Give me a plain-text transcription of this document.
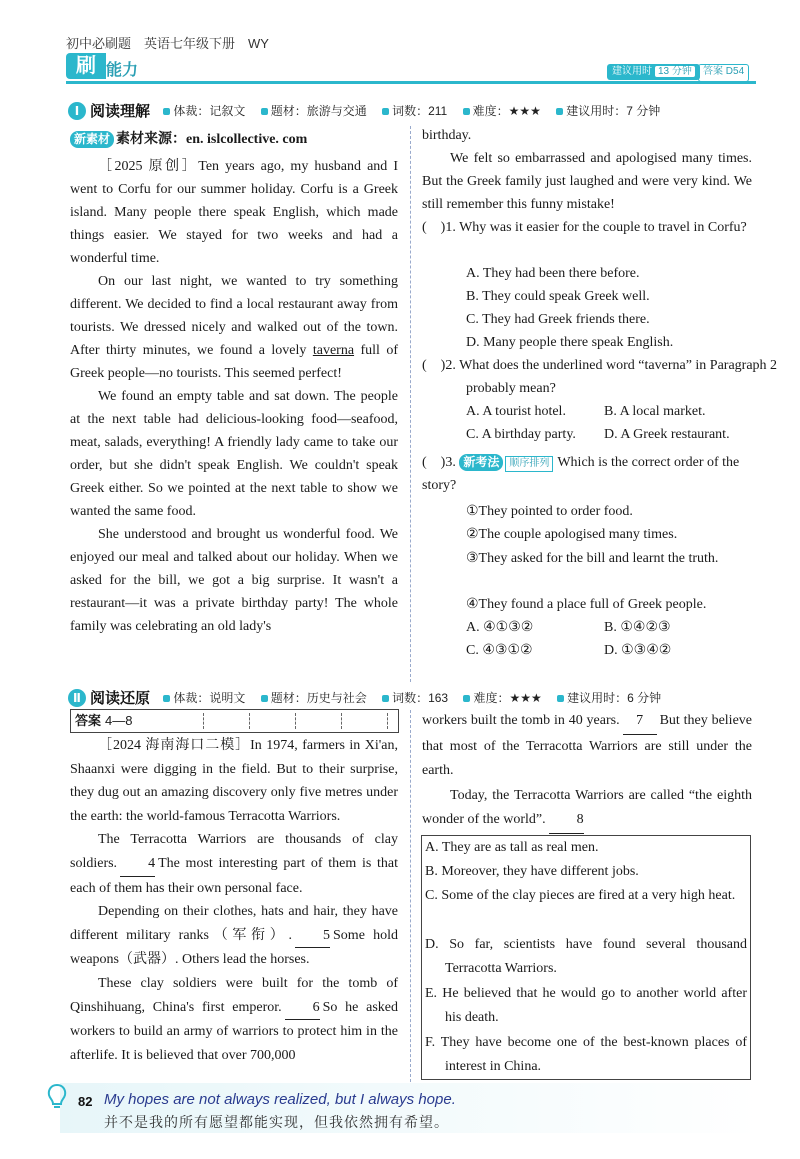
初中必刷题　英语七年级下册　WY
刷 能力	建议用时 13 分钟	答案 D54
Ⅰ 阅读理解 体裁：记叙文 题材：旅游与交通 词数：211 难度：★★★ 建议用时：7 分钟

新素材 素材来源：en. islcollective. com

［2025 原创］Ten years ago, my husband and I went to Corfu for our summer holiday. Corfu is a Greek island. Many people there speak English, which made things easier. We stayed for two weeks and had a wonderful time.

On our last night, we wanted to try something different. We decided to find a local restaurant away from tourists. We dressed nicely and walked out of the town. After thirty minutes, we found a lovely taverna full of Greek people—no tourists. This seemed perfect!

We found an empty table and sat down. The people at the next table had delicious-looking food—seafood, meat, salads, everything! A friendly lady came to take our order, but she didn't speak English. We couldn't speak Greek either. So we pointed at the next table to show we wanted the same food.

She understood and brought us wonderful food. We enjoyed our meal and talked about our holiday. When we asked for the bill, we got a big surprise. It wasn't a restaurant—it was a private birthday party! The whole family was celebrating an old lady's

birthday.

We felt so embarrassed and apologised many times. But the Greek family just laughed and were very kind. We still remember this funny mistake!

(　)1. Why was it easier for the couple to travel in Corfu?
A. They had been there before.
B. They could speak Greek well.
C. They had Greek friends there.
D. Many people there speak English.
(　)2. What does the underlined word “taverna” in Paragraph 2 probably mean?
A. A tourist hotel.	B. A local market.
C. A birthday party. D. A Greek restaurant.
(　)3. 新考法 顺序排列 Which is the correct order of the story?
①They pointed to order food.
②The couple apologised many times.
③They asked for the bill and learnt the truth.
④They found a place full of Greek people.
A. ④①③②	B. ①④②③
C. ④③①②	D. ①③④②
Ⅱ 阅读还原 体裁：说明文 题材：历史与社会 词数：163 难度：★★★ 建议用时：6 分钟
答案 4—8

［2024 海南海口二模］In 1974, farmers in Xi'an, Shaanxi were digging in the field. But to their surprise, they dug out an amazing discovery only five metres under the earth: the world-famous Terracotta Warriors.

The Terracotta Warriors are thousands of clay soldiers. 4 The most interesting part of them is that each of them has their own personal face.

Depending on their clothes, hats and hair, they have different military ranks（军衔）. 5 Some hold weapons（武器）. Others lead the horses.

These clay soldiers were built for the tomb of Qinshihuang, China's first emperor. 6 So he asked workers to build an army of warriors to protect him in the afterlife. It is believed that over 700,000

workers built the tomb in 40 years. 7 But they believe that most of the Terracotta Warriors are still under the earth.

Today, the Terracotta Warriors are called “the eighth wonder of the world”. 8

A. They are as tall as real men.
B. Moreover, they have different jobs.
C. Some of the clay pieces are fired at a very high heat.
D. So far, scientists have found several thousand Terracotta Warriors.
E. He believed that he would go to another world after his death.
F. They have become one of the best-known places of interest in China.
82 My hopes are not always realized, but I always hope.
并不是我的所有愿望都能实现，但我依然拥有希望。
